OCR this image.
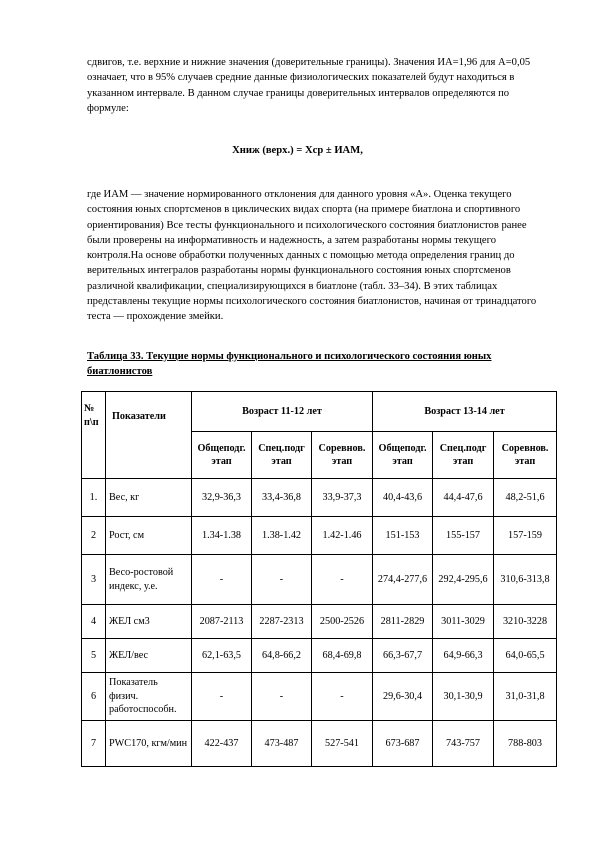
сдвигов, т.е. верхние и нижние значения (доверительные границы). Значения ИА=1,96 для А=0,05 означает, что в 95% случаев средние данные физиологических показателей будут находиться в указанном интервале. В данном случае границы доверительных интервалов определяются по формуле:

Хниж (верх.) = Хср ± ИАМ,

где ИАМ — значение нормированного отклонения для данного уровня «А». Оценка текущего состояния юных спортсменов в циклических видах спорта (на примере биатлона и спортивного ориентирования) Все тесты функционального и психологического состояния биатлонистов ранее были проверены на информативность и надежность, а затем разработаны нормы текущего контроля.На основе обработки полученных данных с помощью метода определения границ до верительных интегралов разработаны нормы функционального состояния юных спортсменов различной квалификации, специализирующихся в биатлоне (табл. 33–34). В этих таблицах представлены текущие нормы психологического состояния биатлонистов, начиная от тринадцатого теста — прохождение змейки.

Таблица 33. Текущие нормы функционального и психологического состояния юных биатлонистов

№ п\п	Показатели	Возраст 11-12 лет			Возраст 13-14 лет		
		Общеподг. этап	Спец.подг этап	Соревнов. этап	Общеподг. этап	Спец.подг этап	Соревнов. этап
1.	Вес, кг	32,9-36,3	33,4-36,8	33,9-37,3	40,4-43,6	44,4-47,6	48,2-51,6
2	Рост, см	1.34-1.38	1.38-1.42	1.42-1.46	151-153	155-157	157-159
3	Весо-ростовой индекс, у.е.	-	-	-	274,4-277,6	292,4-295,6	310,6-313,8
4	ЖЕЛ см3	2087-2113	2287-2313	2500-2526	2811-2829	3011-3029	3210-3228
5	ЖЕЛ/вес	62,1-63,5	64,8-66,2	68,4-69,8	66,3-67,7	64,9-66,3	64,0-65,5
6	Показатель физич. работоспособн.	-	-	-	29,6-30,4	30,1-30,9	31,0-31,8
7	PWC170, кгм/мин	422-437	473-487	527-541	673-687	743-757	788-803
